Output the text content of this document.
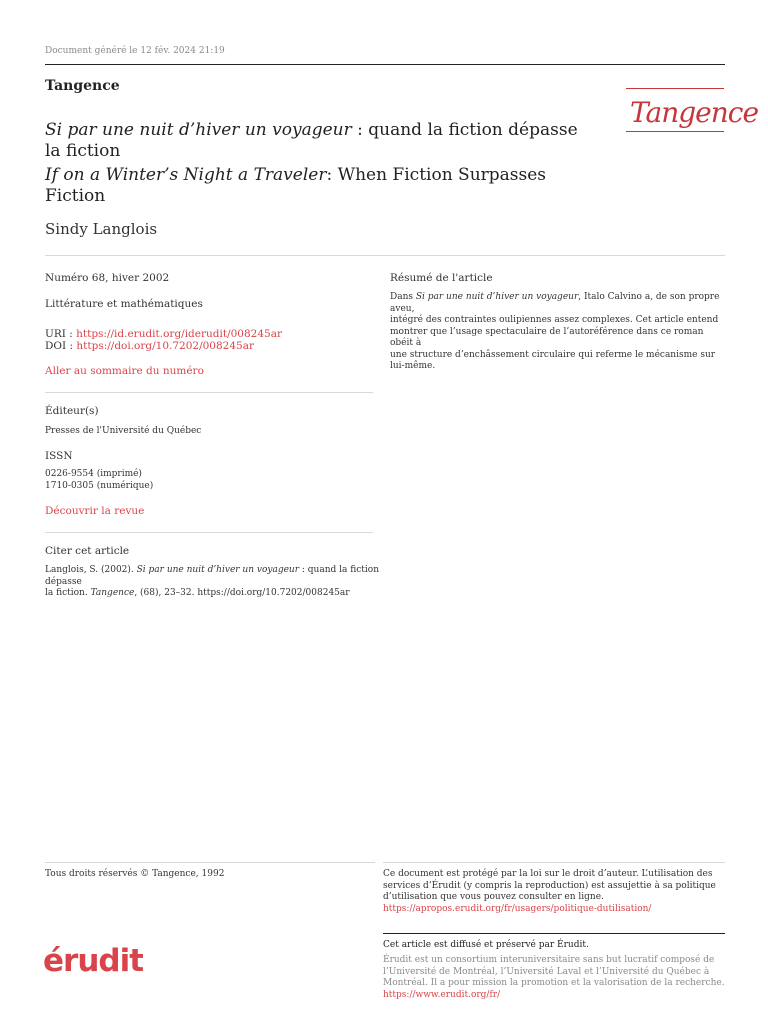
Document généré le 12 fév. 2024 21:19
Tangence
Tangence

Si par une nuit d’hiver un voyageur : quand la fiction dépasse
la fiction

If on a Winter’s Night a Traveler: When Fiction Surpasses
Fiction

Sindy Langlois
Numéro 68, hiver 2002
Littérature et mathématiques
URI : https://id.erudit.org/iderudit/008245ar
DOI : https://doi.org/10.7202/008245ar
Aller au sommaire du numéro
Éditeur(s)
Presses de l'Université du Québec
ISSN
0226-9554 (imprimé)
1710-0305 (numérique)
Découvrir la revue
Citer cet article
Langlois, S. (2002). Si par une nuit d’hiver un voyageur : quand la fiction dépasse
la fiction. Tangence, (68), 23–32. https://doi.org/10.7202/008245ar
Résumé de l'article
Dans Si par une nuit d’hiver un voyageur, Italo Calvino a, de son propre aveu,
intégré des contraintes oulipiennes assez complexes. Cet article entend
montrer que l’usage spectaculaire de l’autoréférence dans ce roman obéit à
une structure d’enchâssement circulaire qui referme le mécanisme sur
lui-même.
Tous droits réservés © Tangence, 1992	Ce document est protégé par la loi sur le droit d’auteur. L’utilisation des
services d’Érudit (y compris la reproduction) est assujettie à sa politique
d’utilisation que vous pouvez consulter en ligne.
https://apropos.erudit.org/fr/usagers/politique-dutilisation/
érudit	Cet article est diffusé et préservé par Érudit.
Érudit est un consortium interuniversitaire sans but lucratif composé de
l’Université de Montréal, l’Université Laval et l’Université du Québec à
Montréal. Il a pour mission la promotion et la valorisation de la recherche.
https://www.erudit.org/fr/
